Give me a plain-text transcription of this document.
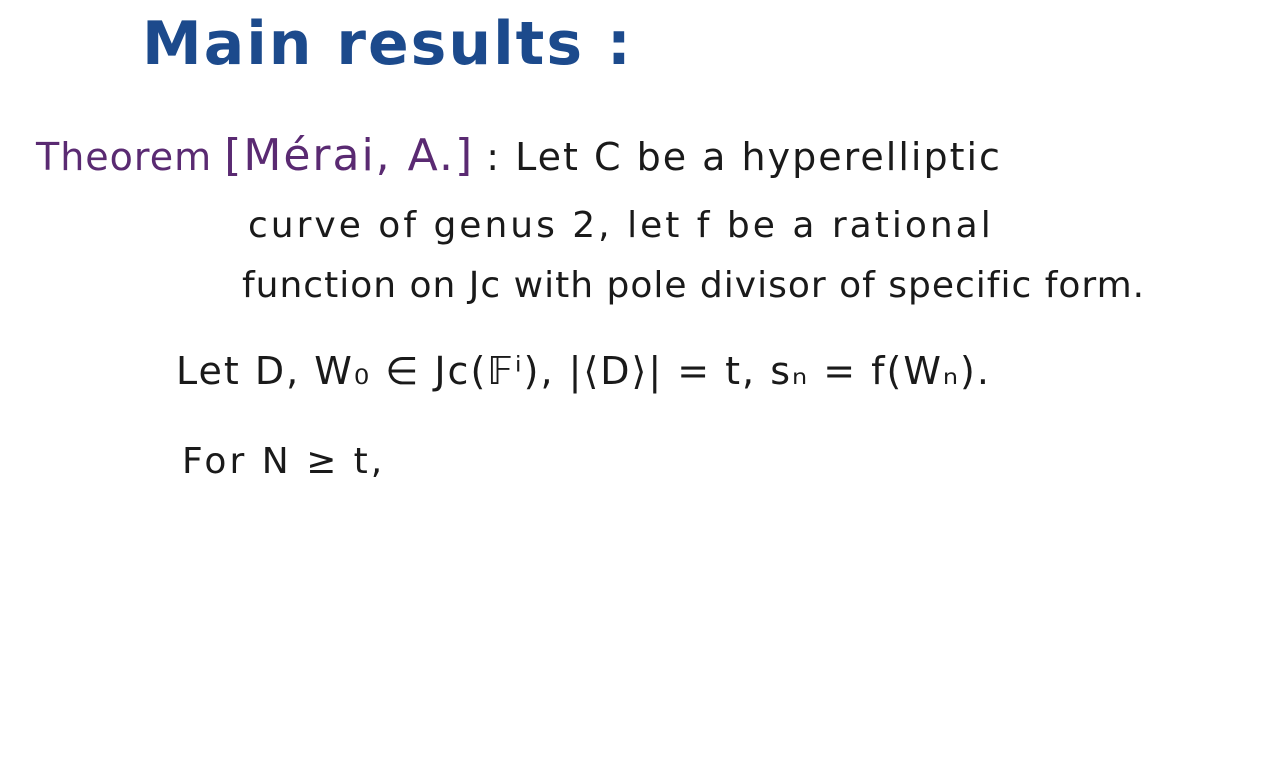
Main results :
Theorem [Mérai, A.] : Let C be a hyperelliptic
curve of genus 2, let f be a rational
function on Jᴄ with pole divisor of specific form.
Let D, W₀ ∈ Jᴄ(𝔽ⁱ), |⟨D⟩| = t, sₙ = f(Wₙ).
For N ≥ t,
